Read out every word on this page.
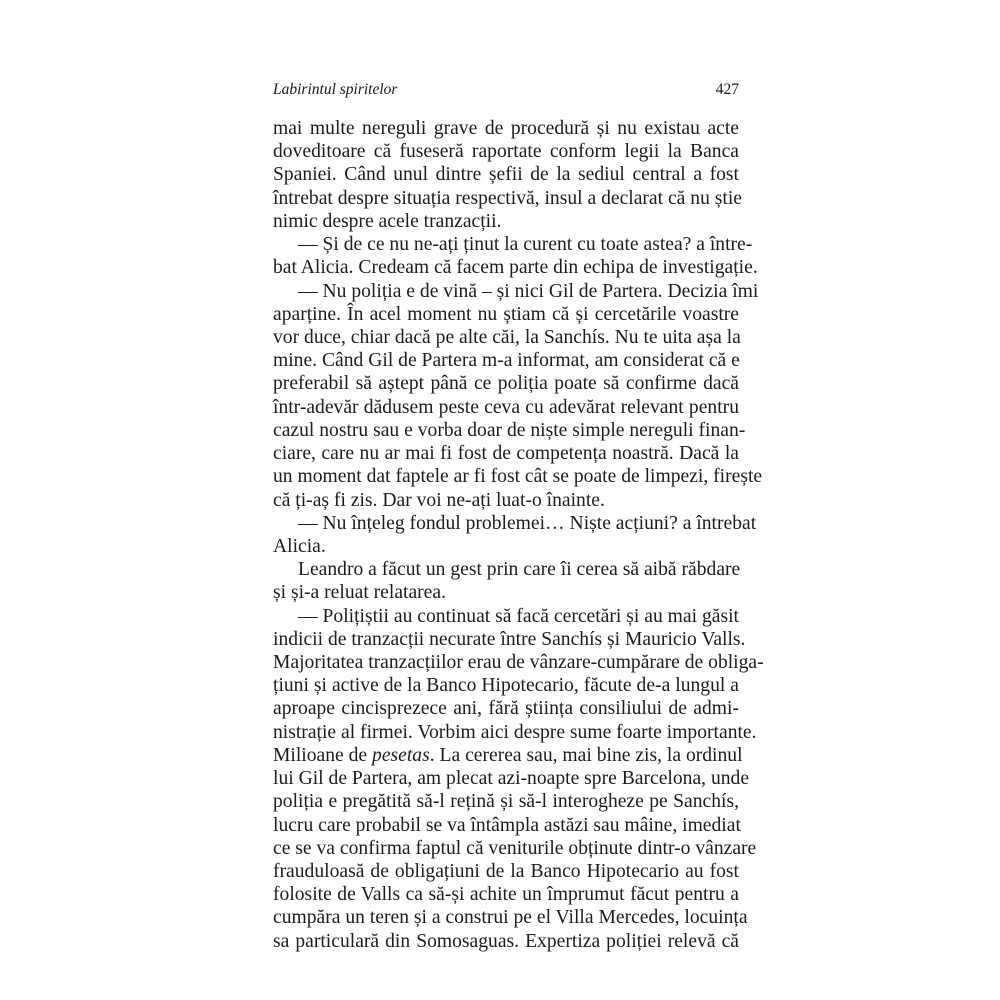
Labirintul spiritelor	427
mai multe nereguli grave de procedură și nu existau acte
doveditoare că fuseseră raportate conform legii la Banca
Spaniei. Când unul dintre șefii de la sediul central a fost
întrebat despre situația respectivă, insul a declarat că nu știe
nimic despre acele tranzacții.
— Și de ce nu ne-ați ținut la curent cu toate astea? a între-
bat Alicia. Credeam că facem parte din echipa de investigație.
— Nu poliția e de vină – și nici Gil de Partera. Decizia îmi
aparține. În acel moment nu știam că și cercetările voastre
vor duce, chiar dacă pe alte căi, la Sanchís. Nu te uita așa la
mine. Când Gil de Partera m-a informat, am considerat că e
preferabil să aștept până ce poliția poate să confirme dacă
într-adevăr dădusem peste ceva cu adevărat relevant pentru
cazul nostru sau e vorba doar de niște simple nereguli finan-
ciare, care nu ar mai fi fost de competența noastră. Dacă la
un moment dat faptele ar fi fost cât se poate de limpezi, firește
că ți-aș fi zis. Dar voi ne-ați luat-o înainte.
— Nu înțeleg fondul problemei… Niște acțiuni? a întrebat
Alicia.
Leandro a făcut un gest prin care îi cerea să aibă răbdare
și și-a reluat relatarea.
— Polițiștii au continuat să facă cercetări și au mai găsit
indicii de tranzacții necurate între Sanchís și Mauricio Valls.
Majoritatea tranzacțiilor erau de vânzare-cumpărare de obliga-
țiuni și active de la Banco Hipotecario, făcute de-a lungul a
aproape cincisprezece ani, fără știința consiliului de admi-
nistrație al firmei. Vorbim aici despre sume foarte importante.
Milioane de pesetas. La cererea sau, mai bine zis, la ordinul
lui Gil de Partera, am plecat azi-noapte spre Barcelona, unde
poliția e pregătită să-l rețină și să-l interogheze pe Sanchís,
lucru care probabil se va întâmpla astăzi sau mâine, imediat
ce se va confirma faptul că veniturile obținute dintr-o vânzare
frauduloasă de obligațiuni de la Banco Hipotecario au fost
folosite de Valls ca să-și achite un împrumut făcut pentru a
cumpăra un teren și a construi pe el Villa Mercedes, locuința
sa particulară din Somosaguas. Expertiza poliției relevă că
